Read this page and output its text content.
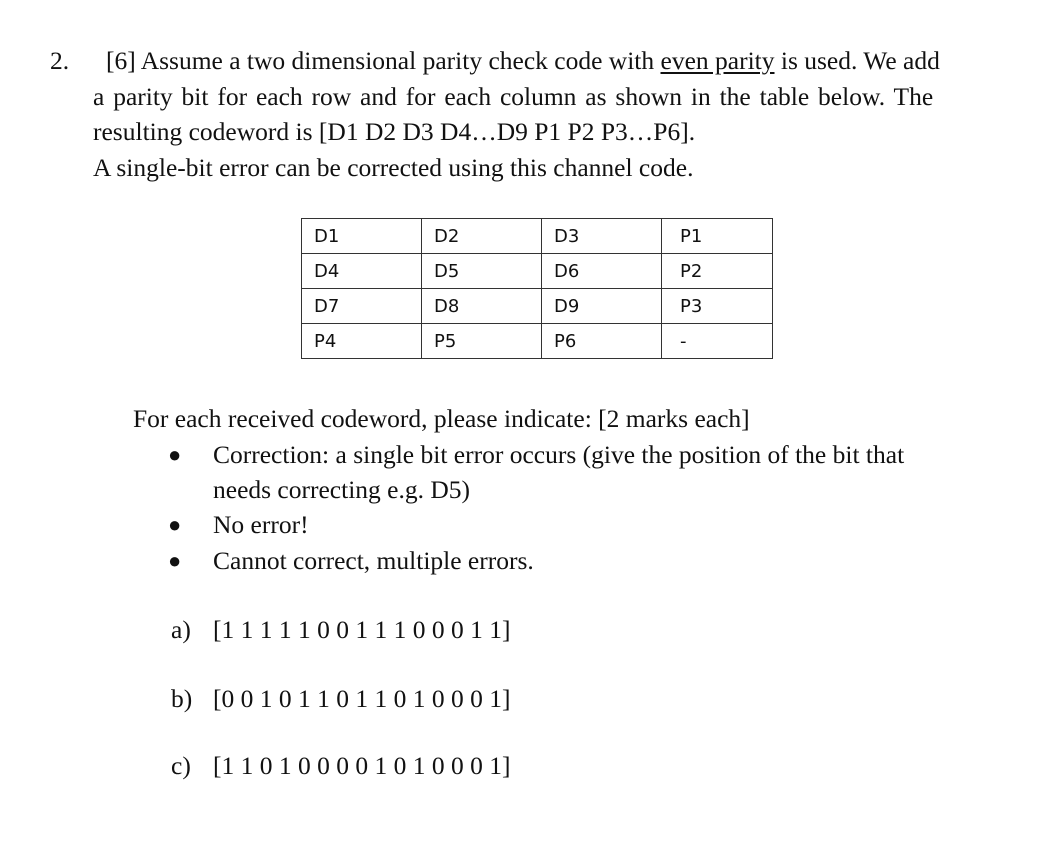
2. [6] Assume a two dimensional parity check code with even parity is used. We add
a parity bit for each row and for each column as shown in the table below. The
resulting codeword is [D1 D2 D3 D4…D9 P1 P2 P3…P6].
A single-bit error can be corrected using this channel code.
D1	D2	D3	P1
D4	D5	D6	P2
D7	D8	D9	P3
P4	P5	P6	-
For each received codeword, please indicate: [2 marks each]
● Correction: a single bit error occurs (give the position of the bit that
needs correcting e.g. D5)
● No error!
● Cannot correct, multiple errors.
a) [1 1 1 1 1 0 0 1 1 1 0 0 0 1 1]
b) [0 0 1 0 1 1 0 1 1 0 1 0 0 0 1]
c) [1 1 0 1 0 0 0 0 1 0 1 0 0 0 1]
